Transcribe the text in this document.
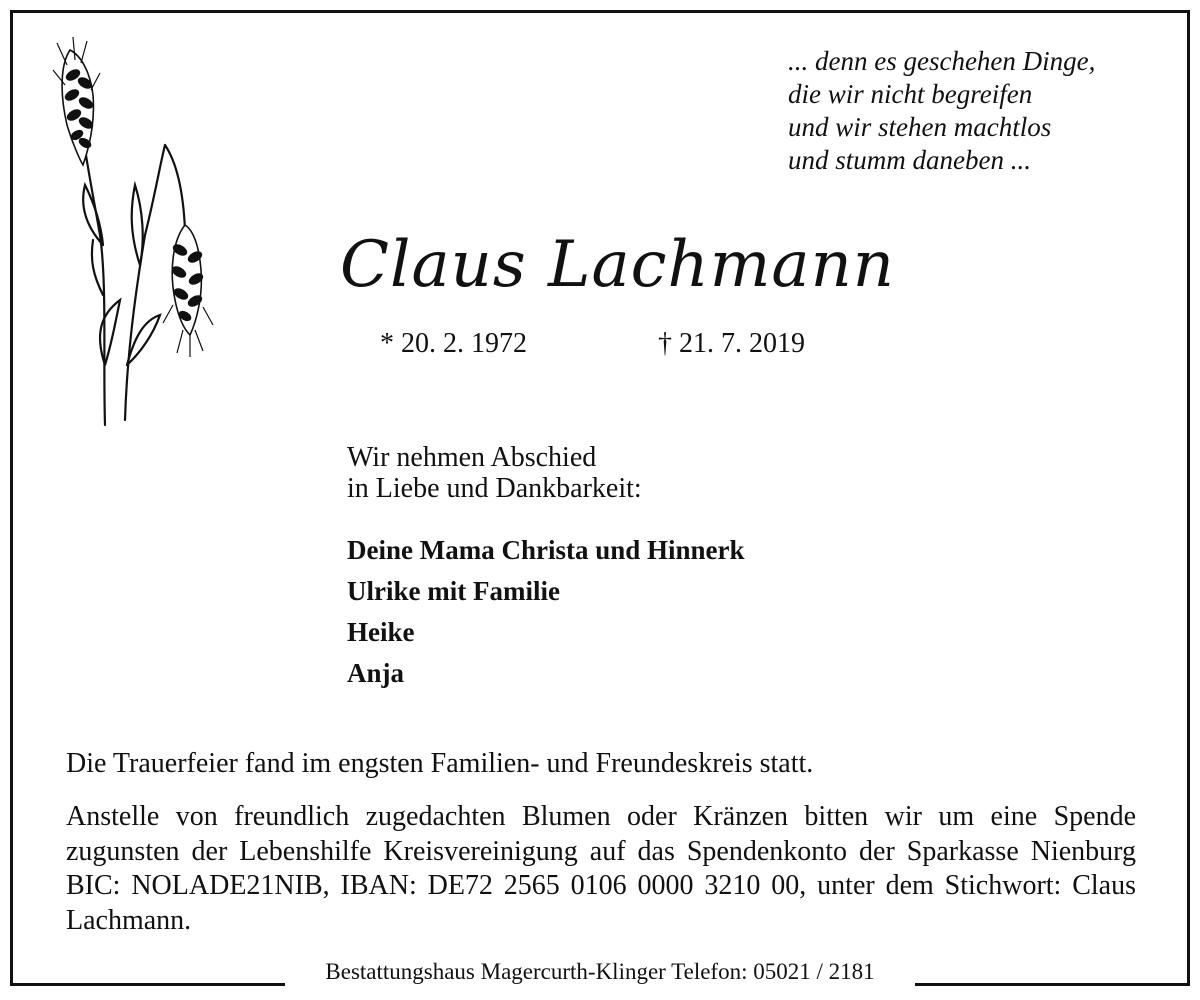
... denn es geschehen Dinge,
die wir nicht begreifen
und wir stehen machtlos
und stumm daneben ...
Claus Lachmann
* 20. 2. 1972	† 21. 7. 2019
Wir nehmen Abschied
in Liebe und Dankbarkeit:
Deine Mama Christa und Hinnerk
Ulrike mit Familie
Heike
Anja
Die Trauerfeier fand im engsten Familien- und Freundeskreis statt.
Anstelle von freundlich zugedachten Blumen oder Kränzen bitten wir um eine Spende zugunsten der Lebenshilfe Kreisvereinigung auf das Spendenkonto der Sparkasse Nienburg BIC: NOLADE21NIB, IBAN: DE72 2565 0106 0000 3210 00, unter dem Stichwort: Claus Lachmann.
Bestattungshaus Magercurth-Klinger Telefon: 05021 / 2181
